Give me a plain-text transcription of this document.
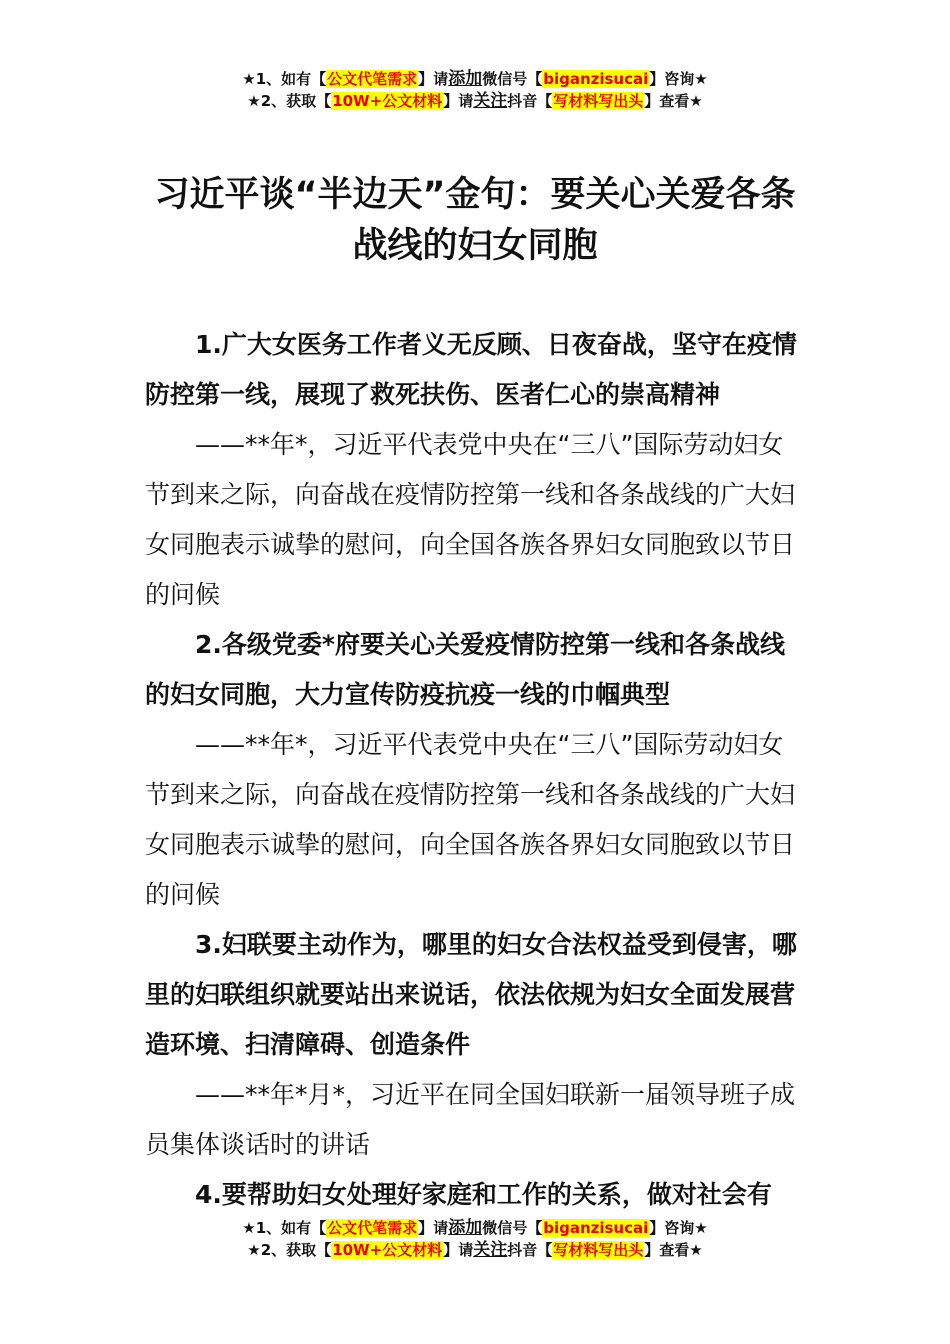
★1、如有【公文代笔需求】请添加微信号【biganzisucai】咨询★
★2、获取【10W+公文材料】请关注抖音【写材料写出头】查看★
习近平谈“半边天”金句：要关心关爱各条战线的妇女同胞

1.广大女医务工作者义无反顾、日夜奋战，坚守在疫情防控第一线，展现了救死扶伤、医者仁心的崇高精神

——**年*，习近平代表党中央在“三八”国际劳动妇女节到来之际，向奋战在疫情防控第一线和各条战线的广大妇女同胞表示诚挚的慰问，向全国各族各界妇女同胞致以节日的问候

2.各级党委*府要关心关爱疫情防控第一线和各条战线的妇女同胞，大力宣传防疫抗疫一线的巾帼典型

——**年*，习近平代表党中央在“三八”国际劳动妇女节到来之际，向奋战在疫情防控第一线和各条战线的广大妇女同胞表示诚挚的慰问，向全国各族各界妇女同胞致以节日的问候

3.妇联要主动作为，哪里的妇女合法权益受到侵害，哪里的妇联组织就要站出来说话，依法依规为妇女全面发展营造环境、扫清障碍、创造条件

——**年*月*，习近平在同全国妇联新一届领导班子成员集体谈话时的讲话

4.要帮助妇女处理好家庭和工作的关系，做对社会有

★1、如有【公文代笔需求】请添加微信号【biganzisucai】咨询★
★2、获取【10W+公文材料】请关注抖音【写材料写出头】查看★
